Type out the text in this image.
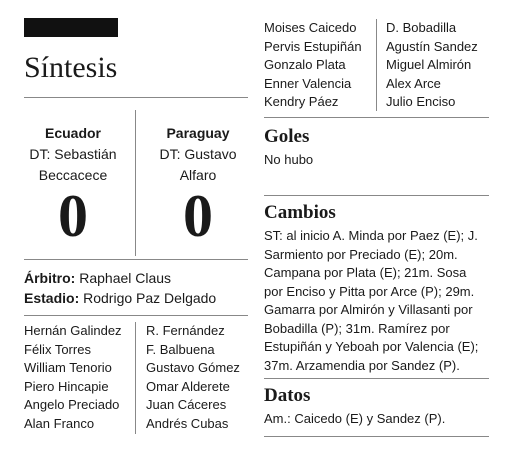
Síntesis
Ecuador
DT: Sebastián
Beccacece
Paraguay
DT: Gustavo
Alfaro
0 0
Árbitro: Raphael Claus
Estadio: Rodrigo Paz Delgado
Hernán Galindez
Félix Torres
William Tenorio
Piero Hincapie
Angelo Preciado
Alan Franco
R. Fernández
F. Balbuena
Gustavo Gómez
Omar Alderete
Juan Cáceres
Andrés Cubas
Moises Caicedo
Pervis Estupiñán
Gonzalo Plata
Enner Valencia
Kendry Páez
D. Bobadilla
Agustín Sandez
Miguel Almirón
Alex Arce
Julio Enciso
Goles
No hubo
Cambios
ST: al inicio A. Minda por Paez (E); J.
Sarmiento por Preciado (E); 20m.
Campana por Plata (E); 21m. Sosa
por Enciso y Pitta por Arce (P); 29m.
Gamarra por Almirón y Villasanti por
Bobadilla (P); 31m. Ramírez por
Estupiñán y Yeboah por Valencia (E);
37m. Arzamendia por Sandez (P).
Datos
Am.: Caicedo (E) y Sandez (P).
